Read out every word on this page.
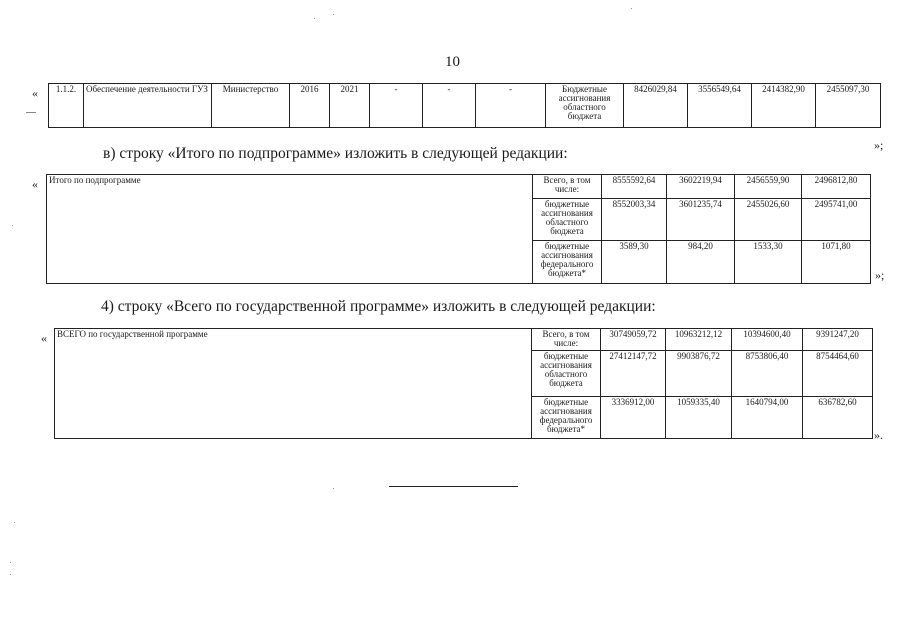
10
« 1.1.2.	Обеспечение деятельности ГУЗ	Министерство	2016	2021	-	-	-	Бюджетные ассигнования областного бюджета	8426029,84	3556549,64	2414382,90	2455097,30
»;
в) строку «Итого по подпрограмме» изложить в следующей редакции:
« Итого по подпрограмме	Всего, в том числе:	8555592,64	3602219,94	2456559,90	2496812,80
	бюджетные ассигнования областного бюджета	8552003,34	3601235,74	2455026,60	2495741,00
	бюджетные ассигнования федерального бюджета*	3589,30	984,20	1533,30	1071,80
»;
4) строку «Всего по государственной программе» изложить в следующей редакции:
« ВСЕГО по государственной программе	Всего, в том числе:	30749059,72	10963212,12	10394600,40	9391247,20
	бюджетные ассигнования областного бюджета	27412147,72	9903876,72	8753806,40	8754464,60
	бюджетные ассигнования федерального бюджета*	3336912,00	1059335,40	1640794,00	636782,60
».
